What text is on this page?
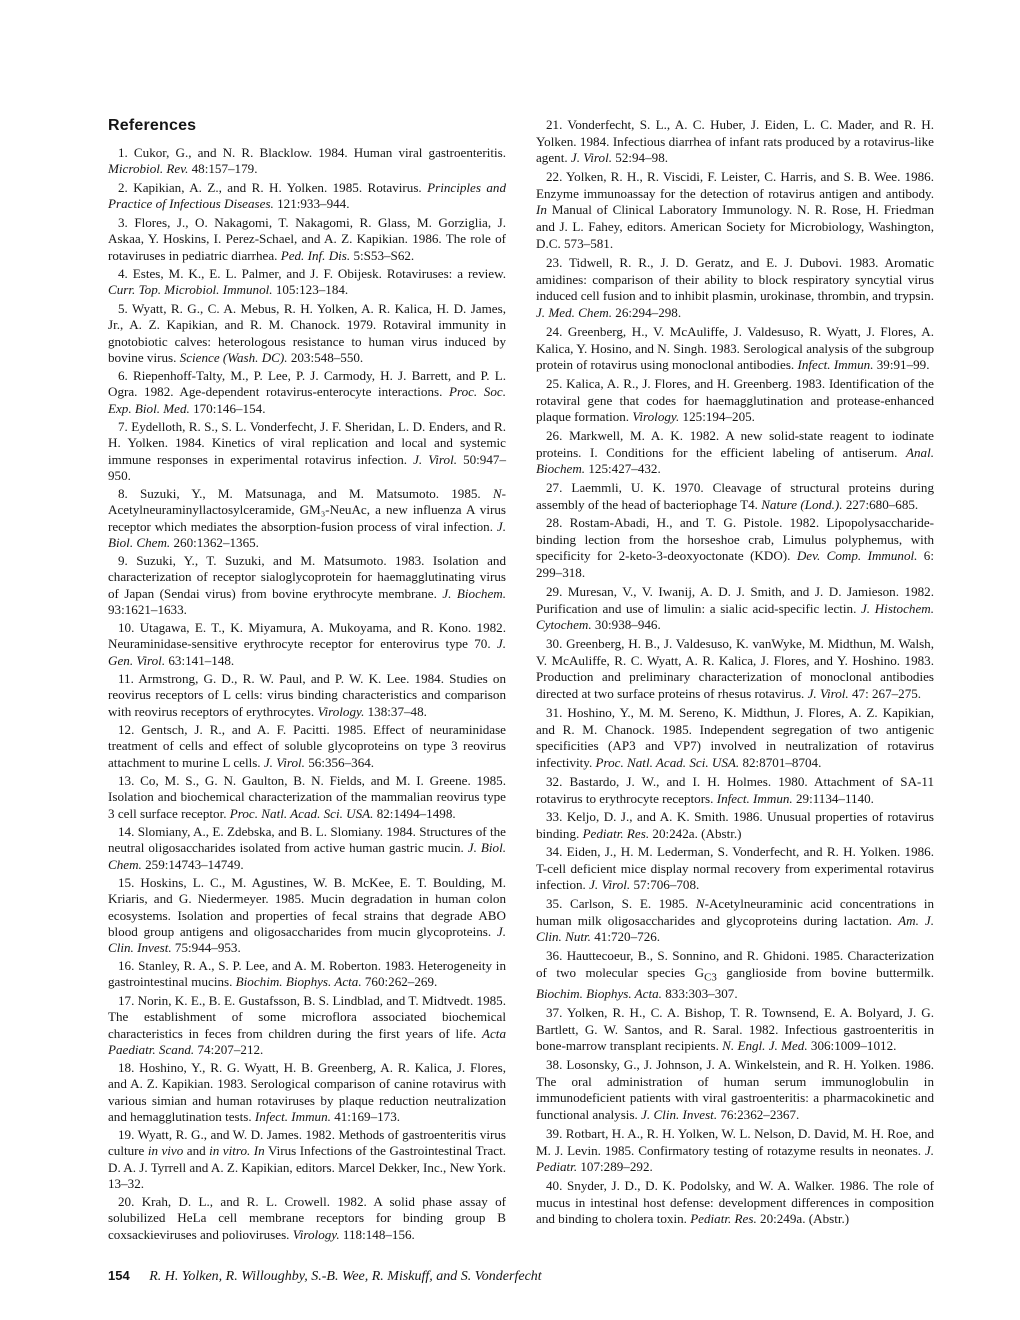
References

1. Cukor, G., and N. R. Blacklow. 1984. Human viral gastroenteritis. Microbiol. Rev. 48:157–179.

2. Kapikian, A. Z., and R. H. Yolken. 1985. Rotavirus. Principles and Practice of Infectious Diseases. 121:933–944.

3. Flores, J., O. Nakagomi, T. Nakagomi, R. Glass, M. Gorziglia, J. Askaa, Y. Hoskins, I. Perez-Schael, and A. Z. Kapikian. 1986. The role of rotaviruses in pediatric diarrhea. Ped. Inf. Dis. 5:S53–S62.

4. Estes, M. K., E. L. Palmer, and J. F. Obijesk. Rotaviruses: a review. Curr. Top. Microbiol. Immunol. 105:123–184.

5. Wyatt, R. G., C. A. Mebus, R. H. Yolken, A. R. Kalica, H. D. James, Jr., A. Z. Kapikian, and R. M. Chanock. 1979. Rotaviral immunity in gnotobiotic calves: heterologous resistance to human virus induced by bovine virus. Science (Wash. DC). 203:548–550.

6. Riepenhoff-Talty, M., P. Lee, P. J. Carmody, H. J. Barrett, and P. L. Ogra. 1982. Age-dependent rotavirus-enterocyte interactions. Proc. Soc. Exp. Biol. Med. 170:146–154.

7. Eydelloth, R. S., S. L. Vonderfecht, J. F. Sheridan, L. D. Enders, and R. H. Yolken. 1984. Kinetics of viral replication and local and systemic immune responses in experimental rotavirus infection. J. Virol. 50:947–950.

8. Suzuki, Y., M. Matsunaga, and M. Matsumoto. 1985. N-Acetylneuraminyllactosylceramide, GM₃-NeuAc, a new influenza A virus receptor which mediates the absorption-fusion process of viral infection. J. Biol. Chem. 260:1362–1365.

9. Suzuki, Y., T. Suzuki, and M. Matsumoto. 1983. Isolation and characterization of receptor sialoglycoprotein for haemagglutinating virus of Japan (Sendai virus) from bovine erythrocyte membrane. J. Biochem. 93:1621–1633.

10. Utagawa, E. T., K. Miyamura, A. Mukoyama, and R. Kono. 1982. Neuraminidase-sensitive erythrocyte receptor for enterovirus type 70. J. Gen. Virol. 63:141–148.

11. Armstrong, G. D., R. W. Paul, and P. W. K. Lee. 1984. Studies on reovirus receptors of L cells: virus binding characteristics and comparison with reovirus receptors of erythrocytes. Virology. 138:37–48.

12. Gentsch, J. R., and A. F. Pacitti. 1985. Effect of neuraminidase treatment of cells and effect of soluble glycoproteins on type 3 reovirus attachment to murine L cells. J. Virol. 56:356–364.

13. Co, M. S., G. N. Gaulton, B. N. Fields, and M. I. Greene. 1985. Isolation and biochemical characterization of the mammalian reovirus type 3 cell surface receptor. Proc. Natl. Acad. Sci. USA. 82:1494–1498.

14. Slomiany, A., E. Zdebska, and B. L. Slomiany. 1984. Structures of the neutral oligosaccharides isolated from active human gastric mucin. J. Biol. Chem. 259:14743–14749.

15. Hoskins, L. C., M. Agustines, W. B. McKee, E. T. Boulding, M. Kriaris, and G. Niedermeyer. 1985. Mucin degradation in human colon ecosystems. Isolation and properties of fecal strains that degrade ABO blood group antigens and oligosaccharides from mucin glycoproteins. J. Clin. Invest. 75:944–953.

16. Stanley, R. A., S. P. Lee, and A. M. Roberton. 1983. Heterogeneity in gastrointestinal mucins. Biochim. Biophys. Acta. 760:262–269.

17. Norin, K. E., B. E. Gustafsson, B. S. Lindblad, and T. Midtvedt. 1985. The establishment of some microflora associated biochemical characteristics in feces from children during the first years of life. Acta Paediatr. Scand. 74:207–212.

18. Hoshino, Y., R. G. Wyatt, H. B. Greenberg, A. R. Kalica, J. Flores, and A. Z. Kapikian. 1983. Serological comparison of canine rotavirus with various simian and human rotaviruses by plaque reduction neutralization and hemagglutination tests. Infect. Immun. 41:169–173.

19. Wyatt, R. G., and W. D. James. 1982. Methods of gastroenteritis virus culture in vivo and in vitro. In Virus Infections of the Gastrointestinal Tract. D. A. J. Tyrrell and A. Z. Kapikian, editors. Marcel Dekker, Inc., New York. 13–32.

20. Krah, D. L., and R. L. Crowell. 1982. A solid phase assay of solubilized HeLa cell membrane receptors for binding group B coxsackieviruses and polioviruses. Virology. 118:148–156.

21. Vonderfecht, S. L., A. C. Huber, J. Eiden, L. C. Mader, and R. H. Yolken. 1984. Infectious diarrhea of infant rats produced by a rotavirus-like agent. J. Virol. 52:94–98.

22. Yolken, R. H., R. Viscidi, F. Leister, C. Harris, and S. B. Wee. 1986. Enzyme immunoassay for the detection of rotavirus antigen and antibody. In Manual of Clinical Laboratory Immunology. N. R. Rose, H. Friedman and J. L. Fahey, editors. American Society for Microbiology, Washington, D.C. 573–581.

23. Tidwell, R. R., J. D. Geratz, and E. J. Dubovi. 1983. Aromatic amidines: comparison of their ability to block respiratory syncytial virus induced cell fusion and to inhibit plasmin, urokinase, thrombin, and trypsin. J. Med. Chem. 26:294–298.

24. Greenberg, H., V. McAuliffe, J. Valdesuso, R. Wyatt, J. Flores, A. Kalica, Y. Hosino, and N. Singh. 1983. Serological analysis of the subgroup protein of rotavirus using monoclonal antibodies. Infect. Immun. 39:91–99.

25. Kalica, A. R., J. Flores, and H. Greenberg. 1983. Identification of the rotaviral gene that codes for haemagglutination and protease-enhanced plaque formation. Virology. 125:194–205.

26. Markwell, M. A. K. 1982. A new solid-state reagent to iodinate proteins. I. Conditions for the efficient labeling of antiserum. Anal. Biochem. 125:427–432.

27. Laemmli, U. K. 1970. Cleavage of structural proteins during assembly of the head of bacteriophage T4. Nature (Lond.). 227:680–685.

28. Rostam-Abadi, H., and T. G. Pistole. 1982. Lipopolysaccharide-binding lection from the horseshoe crab, Limulus polyphemus, with specificity for 2-keto-3-deoxyoctonate (KDO). Dev. Comp. Immunol. 6: 299–318.

29. Muresan, V., V. Iwanij, A. D. J. Smith, and J. D. Jamieson. 1982. Purification and use of limulin: a sialic acid-specific lectin. J. Histochem. Cytochem. 30:938–946.

30. Greenberg, H. B., J. Valdesuso, K. vanWyke, M. Midthun, M. Walsh, V. McAuliffe, R. C. Wyatt, A. R. Kalica, J. Flores, and Y. Hoshino. 1983. Production and preliminary characterization of monoclonal antibodies directed at two surface proteins of rhesus rotavirus. J. Virol. 47: 267–275.

31. Hoshino, Y., M. M. Sereno, K. Midthun, J. Flores, A. Z. Kapikian, and R. M. Chanock. 1985. Independent segregation of two antigenic specificities (AP3 and VP7) involved in neutralization of rotavirus infectivity. Proc. Natl. Acad. Sci. USA. 82:8701–8704.

32. Bastardo, J. W., and I. H. Holmes. 1980. Attachment of SA-11 rotavirus to erythrocyte receptors. Infect. Immun. 29:1134–1140.

33. Keljo, D. J., and A. K. Smith. 1986. Unusual properties of rotavirus binding. Pediatr. Res. 20:242a. (Abstr.)

34. Eiden, J., H. M. Lederman, S. Vonderfecht, and R. H. Yolken. 1986. T-cell deficient mice display normal recovery from experimental rotavirus infection. J. Virol. 57:706–708.

35. Carlson, S. E. 1985. N-Acetylneuraminic acid concentrations in human milk oligosaccharides and glycoproteins during lactation. Am. J. Clin. Nutr. 41:720–726.

36. Hauttecoeur, B., S. Sonnino, and R. Ghidoni. 1985. Characterization of two molecular species $G_{C3}$ ganglioside from bovine buttermilk. Biochim. Biophys. Acta. 833:303–307.

37. Yolken, R. H., C. A. Bishop, T. R. Townsend, E. A. Bolyard, J. G. Bartlett, G. W. Santos, and R. Saral. 1982. Infectious gastroenteritis in bone-marrow transplant recipients. N. Engl. J. Med. 306:1009–1012.

38. Losonsky, G., J. Johnson, J. A. Winkelstein, and R. H. Yolken. 1986. The oral administration of human serum immunoglobulin in immunodeficient patients with viral gastroenteritis: a pharmacokinetic and functional analysis. J. Clin. Invest. 76:2362–2367.

39. Rotbart, H. A., R. H. Yolken, W. L. Nelson, D. David, M. H. Roe, and M. J. Levin. 1985. Confirmatory testing of rotazyme results in neonates. J. Pediatr. 107:289–292.

40. Snyder, J. D., D. K. Podolsky, and W. A. Walker. 1986. The role of mucus in intestinal host defense: development differences in composition and binding to cholera toxin. Pediatr. Res. 20:249a. (Abstr.)

154 R. H. Yolken, R. Willoughby, S.-B. Wee, R. Miskuff, and S. Vonderfecht
